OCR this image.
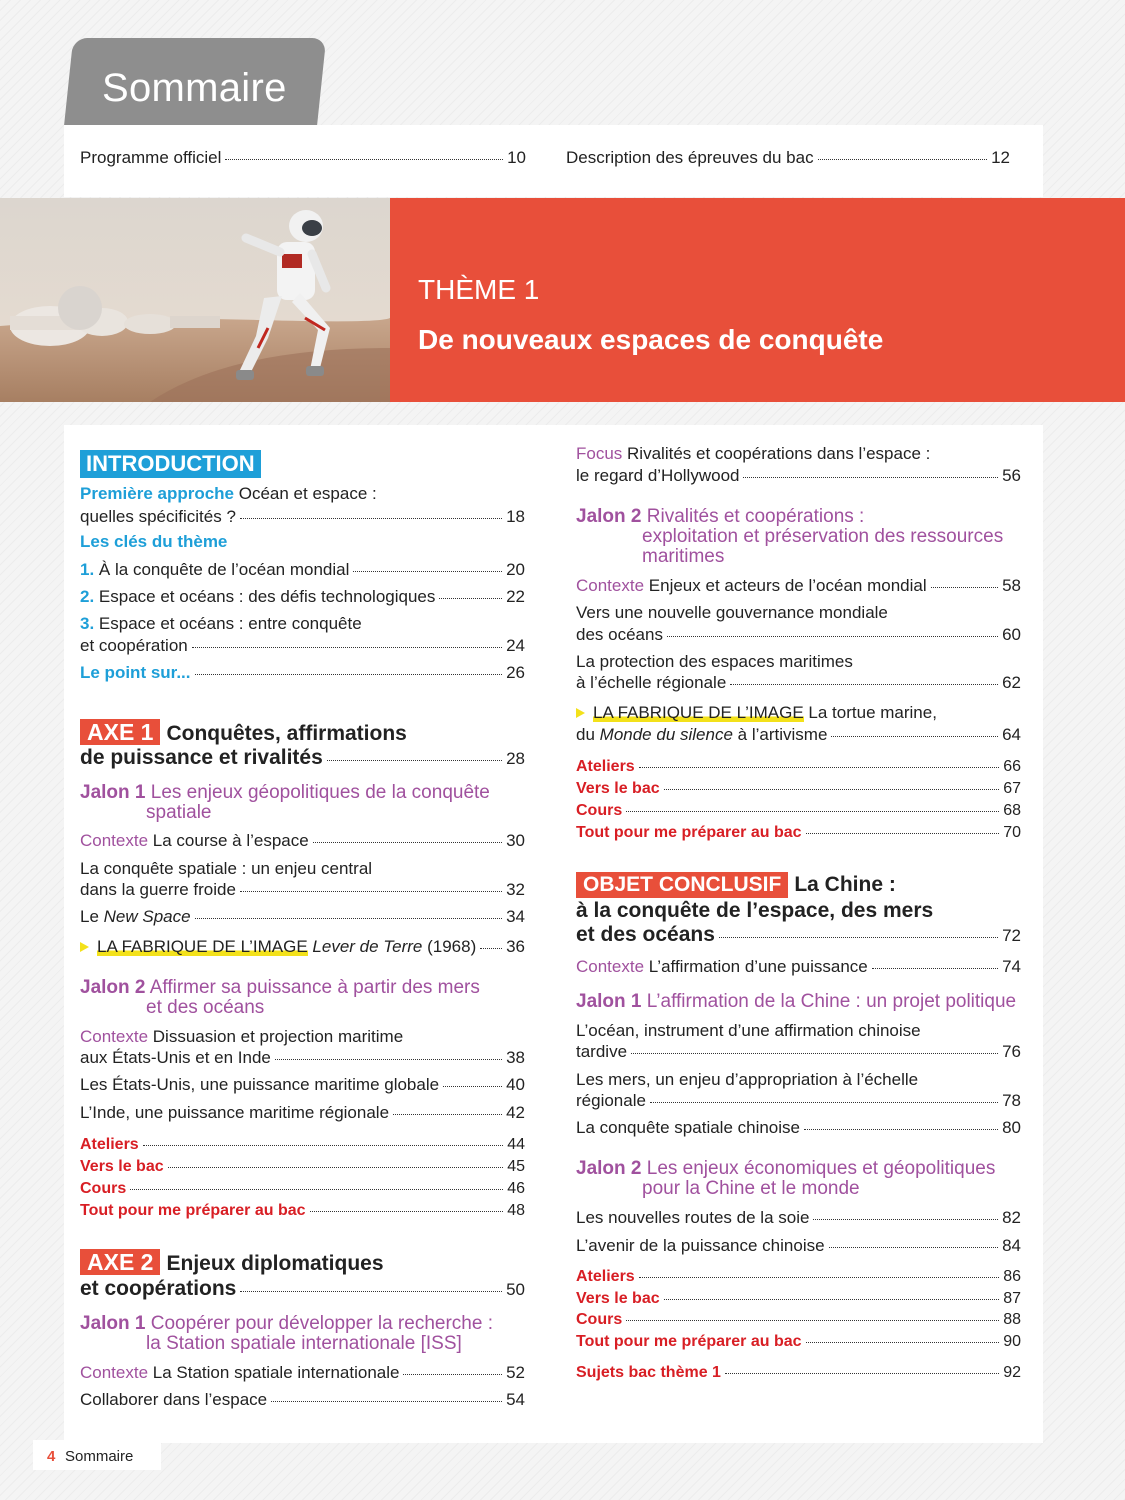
Sommaire
Programme officiel	10 Description des épreuves du bac	12
THÈME 1
De nouveaux espaces de conquête
INTRODUCTION
Première approche Océan et espace :
quelles spécificités ?	18
Les clés du thème
1. À la conquête de l’océan mondial	20
2. Espace et océans : des défis technologiques	22
3. Espace et océans : entre conquête
et coopération	24
Le point sur...	26
AXE 1 Conquêtes, affirmations
de puissance et rivalités	28
Jalon 1 Les enjeux géopolitiques de la conquête
spatiale
Contexte La course à l’espace	30
La conquête spatiale : un enjeu central
dans la guerre froide	32
Le New Space	34
LA FABRIQUE DE L’IMAGE Lever de Terre (1968) 36
Jalon 2 Affirmer sa puissance à partir des mers
et des océans
Contexte Dissuasion et projection maritime
aux États-Unis et en Inde	38
Les États-Unis, une puissance maritime globale	40
L’Inde, une puissance maritime régionale	42
Ateliers	44
Vers le bac	45
Cours	46
Tout pour me préparer au bac	48
AXE 2 Enjeux diplomatiques
et coopérations	50
Jalon 1 Coopérer pour développer la recherche :
la Station spatiale internationale [ISS]
Contexte La Station spatiale internationale	52
Collaborer dans l’espace	54
Focus Rivalités et coopérations dans l’espace :
le regard d’Hollywood	56
Jalon 2 Rivalités et coopérations :
exploitation et préservation des ressources
maritimes
Contexte Enjeux et acteurs de l’océan mondial	58
Vers une nouvelle gouvernance mondiale
des océans	60
La protection des espaces maritimes
à l’échelle régionale	62
LA FABRIQUE DE L’IMAGE La tortue marine,
du Monde du silence à l’artivisme	64
Ateliers	66
Vers le bac	67
Cours	68
Tout pour me préparer au bac	70
OBJET CONCLUSIF La Chine :
à la conquête de l’espace, des mers
et des océans	72
Contexte L’affirmation d’une puissance	74
Jalon 1 L’affirmation de la Chine : un projet politique
L’océan, instrument d’une affirmation chinoise
tardive	76
Les mers, un enjeu d’appropriation à l’échelle
régionale	78
La conquête spatiale chinoise	80
Jalon 2 Les enjeux économiques et géopolitiques
pour la Chine et le monde
Les nouvelles routes de la soie	82
L’avenir de la puissance chinoise	84
Ateliers	86
Vers le bac	87
Cours	88
Tout pour me préparer au bac	90
Sujets bac thème 1	92
4 Sommaire
